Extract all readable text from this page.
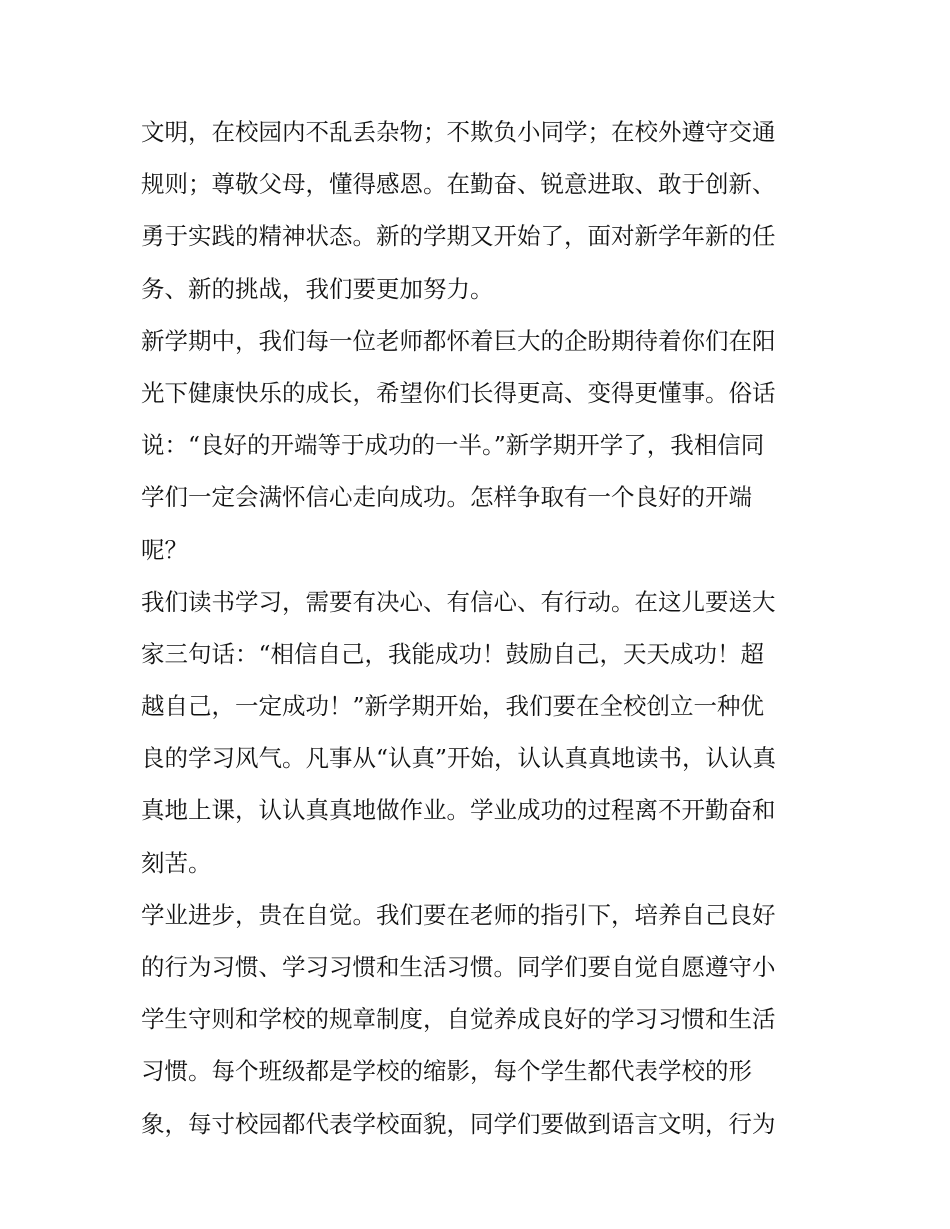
文明，在校园内不乱丢杂物；不欺负小同学；在校外遵守交通
规则；尊敬父母，懂得感恩。在勤奋、锐意进取、敢于创新、
勇于实践的精神状态。新的学期又开始了，面对新学年新的任
务、新的挑战，我们要更加努力。
新学期中，我们每一位老师都怀着巨大的企盼期待着你们在阳
光下健康快乐的成长，希望你们长得更高、变得更懂事。俗话
说：“良好的开端等于成功的一半。”新学期开学了，我相信同
学们一定会满怀信心走向成功。怎样争取有一个良好的开端
呢？
我们读书学习，需要有决心、有信心、有行动。在这儿要送大
家三句话：“相信自己，我能成功！鼓励自己，天天成功！超
越自己，一定成功！”新学期开始，我们要在全校创立一种优
良的学习风气。凡事从“认真”开始，认认真真地读书，认认真
真地上课，认认真真地做作业。学业成功的过程离不开勤奋和
刻苦。
学业进步，贵在自觉。我们要在老师的指引下，培养自己良好
的行为习惯、学习习惯和生活习惯。同学们要自觉自愿遵守小
学生守则和学校的规章制度，自觉养成良好的学习习惯和生活
习惯。每个班级都是学校的缩影，每个学生都代表学校的形
象，每寸校园都代表学校面貌，同学们要做到语言文明，行为
